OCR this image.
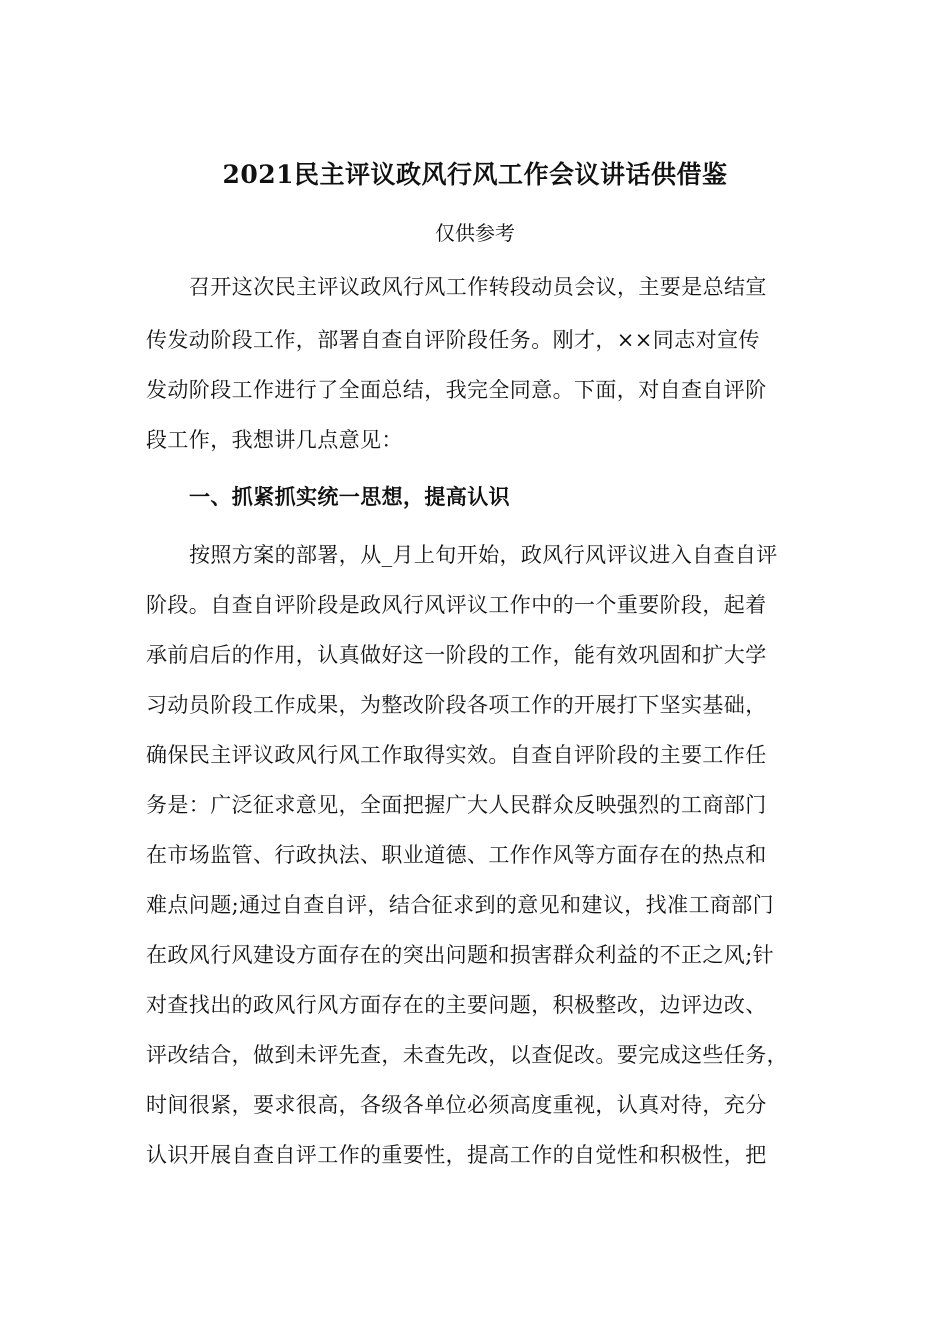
2021民主评议政风行风工作会议讲话供借鉴
仅供参考
召开这次民主评议政风行风工作转段动员会议，主要是总结宣
传发动阶段工作，部署自查自评阶段任务。刚才，××同志对宣传
发动阶段工作进行了全面总结，我完全同意。下面，对自查自评阶
段工作，我想讲几点意见：
一、抓紧抓实统一思想，提高认识
按照方案的部署，从_月上旬开始，政风行风评议进入自查自评
阶段。自查自评阶段是政风行风评议工作中的一个重要阶段，起着
承前启后的作用，认真做好这一阶段的工作，能有效巩固和扩大学
习动员阶段工作成果，为整改阶段各项工作的开展打下坚实基础，
确保民主评议政风行风工作取得实效。自查自评阶段的主要工作任
务是：广泛征求意见，全面把握广大人民群众反映强烈的工商部门
在市场监管、行政执法、职业道德、工作作风等方面存在的热点和
难点问题;通过自查自评，结合征求到的意见和建议，找准工商部门
在政风行风建设方面存在的突出问题和损害群众利益的不正之风;针
对查找出的政风行风方面存在的主要问题，积极整改，边评边改、
评改结合，做到未评先查，未查先改，以查促改。要完成这些任务，
时间很紧，要求很高，各级各单位必须高度重视，认真对待，充分
认识开展自查自评工作的重要性，提高工作的自觉性和积极性，把
